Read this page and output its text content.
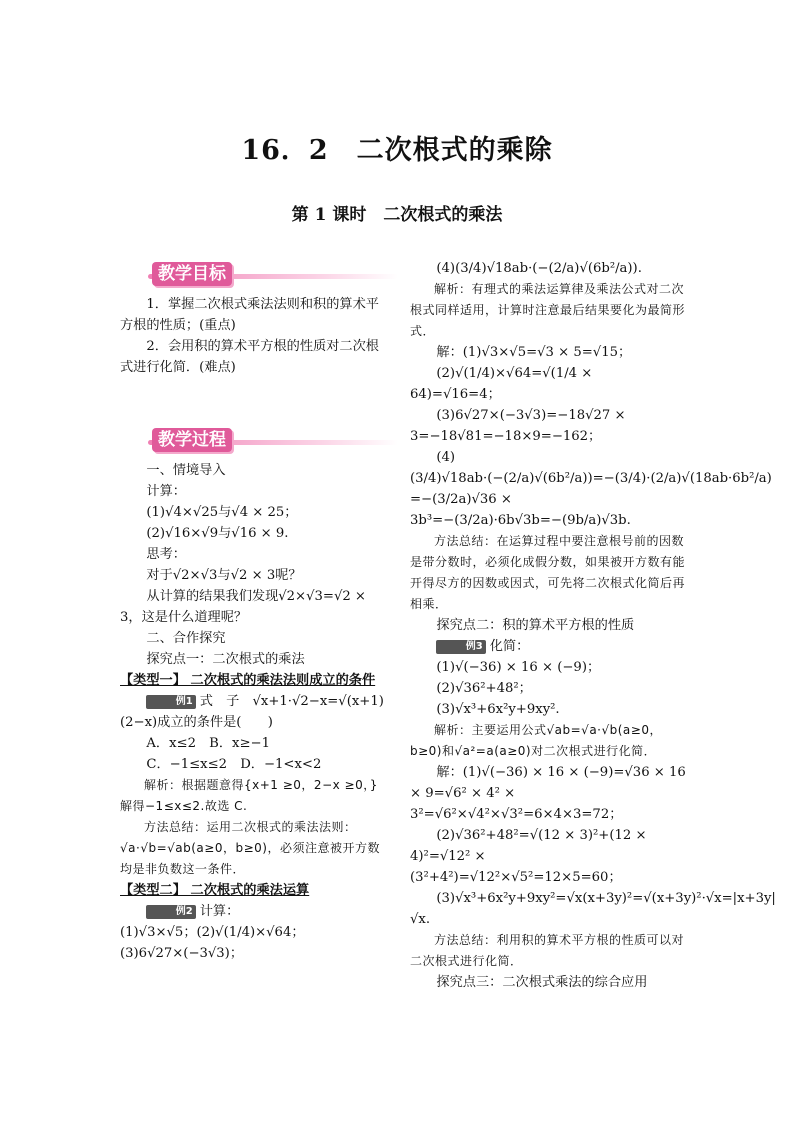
16．2　二次根式的乘除
第 1 课时　二次根式的乘法
教学目标

1．掌握二次根式乘法法则和积的算术平方根的性质；(重点)

2．会用积的算术平方根的性质对二次根式进行化简．(难点)

教学过程

一、情境导入

计算：

(1)√4×√25与√4 × 25；

(2)√16×√9与√16 × 9.

思考：

对于√2×√3与√2 × 3呢？

从计算的结果我们发现√2×√3=√2 × 3，这是什么道理呢？

二、合作探究

探究点一：二次根式的乘法

【类型一】 二次根式的乘法法则成立的条件

例1 式　子　√x+1·√2−x=√(x+1)(2−x)成立的条件是(　　)

A．x≤2　B．x≥−1

C．−1≤x≤2　D．−1<x<2

解析：根据题意得{x+1 ≥0，2−x ≥0，}解得−1≤x≤2.故选 C.

方法总结：运用二次根式的乘法法则：√a·√b=√ab(a≥0，b≥0)，必须注意被开方数均是非负数这一条件．

【类型二】 二次根式的乘法运算

例2 计算：

(1)√3×√5；(2)√(1/4)×√64；

(3)6√27×(−3√3)；

(4)(3/4)√18ab·(−(2/a)√(6b²/a)).

解析：有理式的乘法运算律及乘法公式对二次根式同样适用，计算时注意最后结果要化为最简形式．

解：(1)√3×√5=√3 × 5=√15；

(2)√(1/4)×√64=√(1/4 × 64)=√16=4；

(3)6√27×(−3√3)=−18√27 × 3=−18√81=−18×9=−162；

(4)(3/4)√18ab·(−(2/a)√(6b²/a))=−(3/4)·(2/a)√(18ab·6b²/a)

=−(3/2a)√36 × 3b³=−(3/2a)·6b√3b=−(9b/a)√3b.

方法总结：在运算过程中要注意根号前的因数是带分数时，必须化成假分数，如果被开方数有能开得尽方的因数或因式，可先将二次根式化简后再相乘．

探究点二：积的算术平方根的性质

例3 化简：

(1)√(−36) × 16 × (−9)；

(2)√36²+48²；

(3)√x³+6x²y+9xy².

解析：主要运用公式√ab=√a·√b(a≥0，b≥0)和√a²=a(a≥0)对二次根式进行化简．

解：(1)√(−36) × 16 × (−9)=√36 × 16 × 9=√6² × 4² × 3²=√6²×√4²×√3²=6×4×3=72；

(2)√36²+48²=√(12 × 3)²+(12 × 4)²=√12² × (3²+4²)=√12²×√5²=12×5=60；

(3)√x³+6x²y+9xy²=√x(x+3y)²=√(x+3y)²·√x=|x+3y|√x.

方法总结：利用积的算术平方根的性质可以对二次根式进行化简．

探究点三：二次根式乘法的综合应用
